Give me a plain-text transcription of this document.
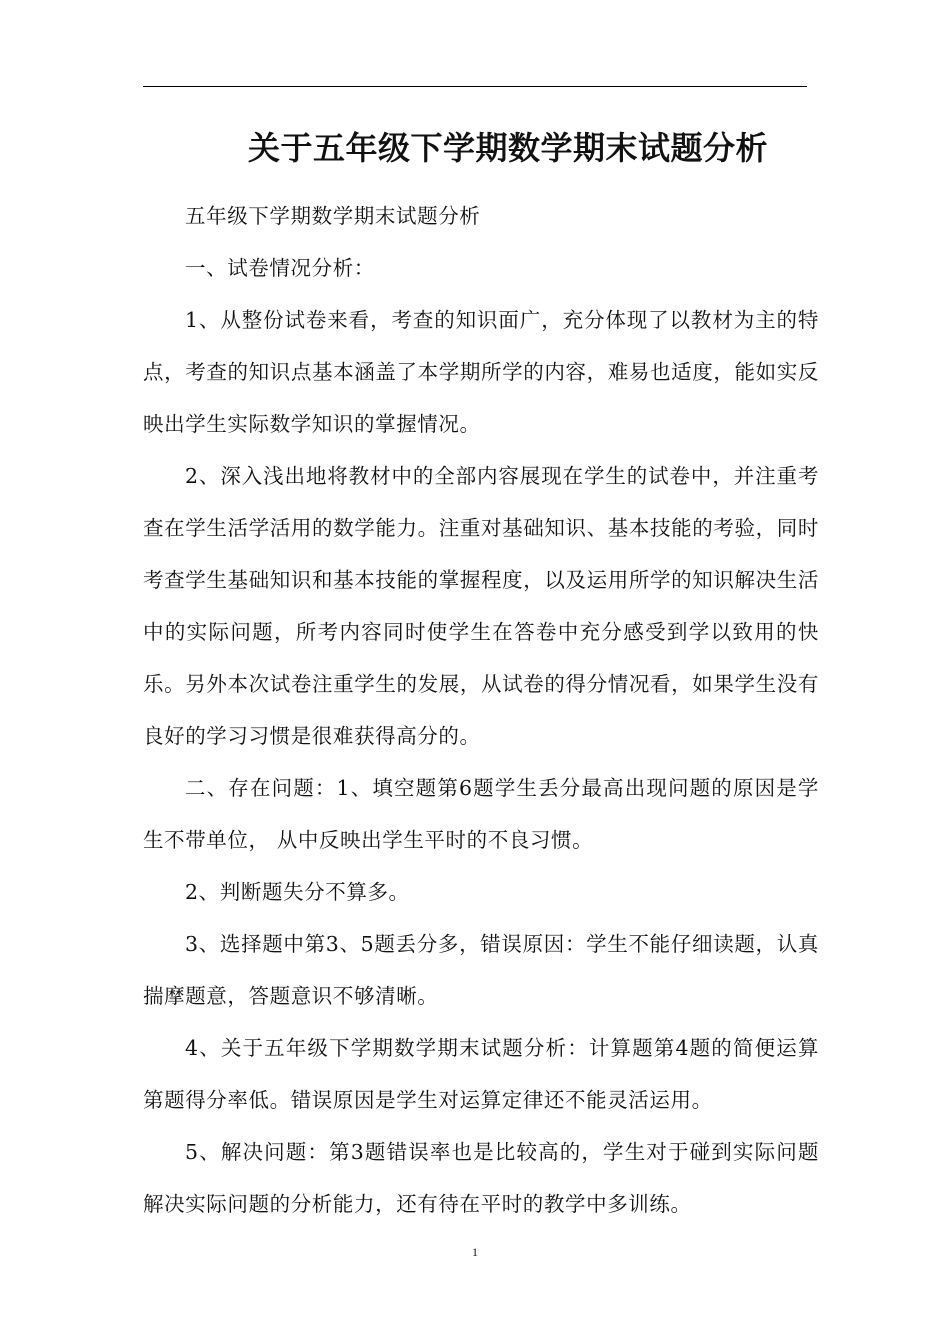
关于五年级下学期数学期末试题分析

五年级下学期数学期末试题分析

一、试卷情况分析：

1、从整份试卷来看，考查的知识面广，充分体现了以教材为主的特点，考查的知识点基本涵盖了本学期所学的内容，难易也适度，能如实反映出学生实际数学知识的掌握情况。

2、深入浅出地将教材中的全部内容展现在学生的试卷中，并注重考查在学生活学活用的数学能力。注重对基础知识、基本技能的考验，同时考查学生基础知识和基本技能的掌握程度，以及运用所学的知识解决生活中的实际问题，所考内容同时使学生在答卷中充分感受到学以致用的快乐。另外本次试卷注重学生的发展，从试卷的得分情况看，如果学生没有良好的学习习惯是很难获得高分的。

二、存在问题：1、填空题第6题学生丢分最高出现问题的原因是学生不带单位， 从中反映出学生平时的不良习惯。

2、判断题失分不算多。

3、选择题中第3、5题丢分多，错误原因：学生不能仔细读题，认真揣摩题意，答题意识不够清晰。

4、关于五年级下学期数学期末试题分析：计算题第4题的简便运算第题得分率低。错误原因是学生对运算定律还不能灵活运用。

5、解决问题：第3题错误率也是比较高的，学生对于碰到实际问题解决实际问题的分析能力，还有待在平时的教学中多训练。

1
